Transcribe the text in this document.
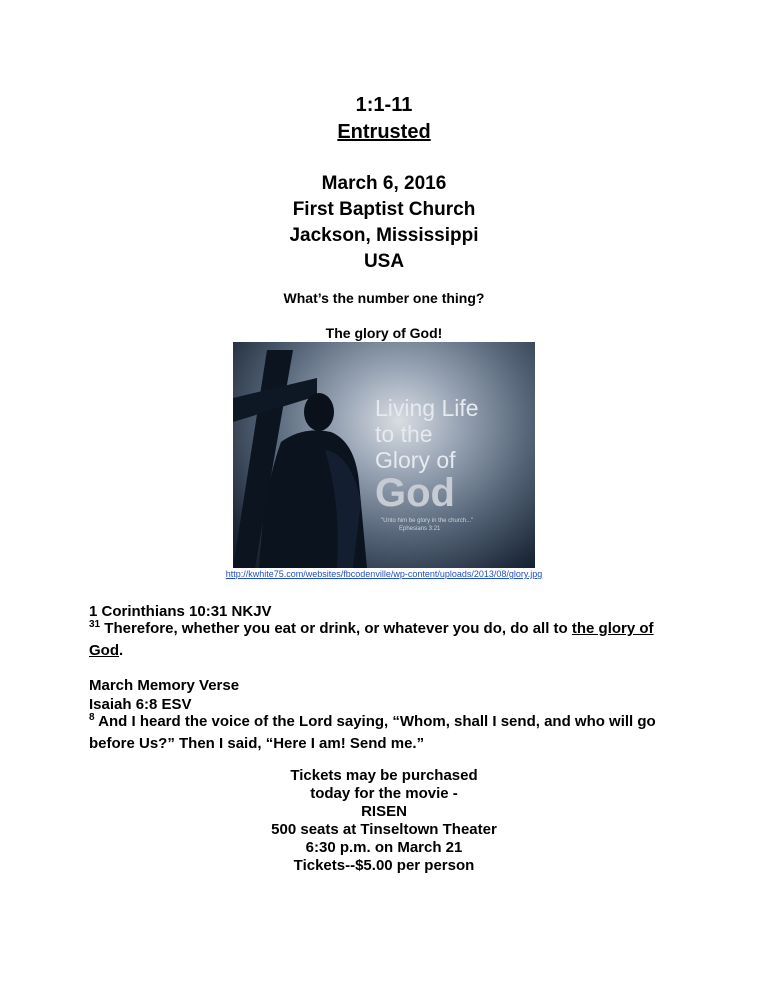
1:1-11
Entrusted
March 6, 2016
First Baptist Church
Jackson, Mississippi
USA
What’s the number one thing?
The glory of God!
Living Life
to the
Glory of
God
"Unto him be glory in the church..."
Ephesians 3:21
http://kwhite75.com/websites/fbcodenville/wp-content/uploads/2013/08/glory.jpg
1 Corinthians 10:31 NKJV
$^{31}$ Therefore, whether you eat or drink, or whatever you do, do all to the glory of God.
March Memory Verse
Isaiah 6:8 ESV
$^8$ And I heard the voice of the Lord saying, “Whom, shall I send, and who will go before Us?” Then I said, “Here I am! Send me.”
Tickets may be purchased
today for the movie -
RISEN
500 seats at Tinseltown Theater
6:30 p.m. on March 21
Tickets--$5.00 per person
